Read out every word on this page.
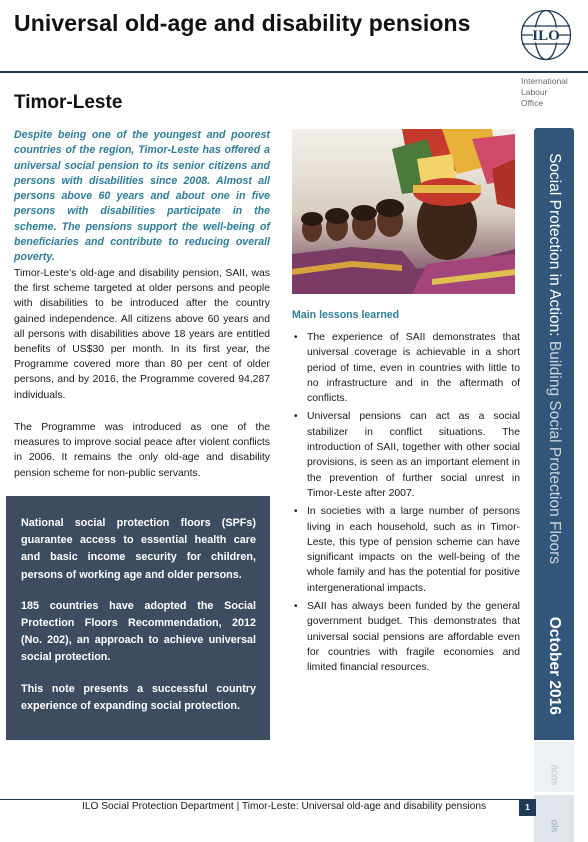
Universal old-age and disability pensions	ILO
International
Labour
Office
Timor-Leste
Despite being one of the youngest and poorest countries of the region, Timor-Leste has offered a universal social pension to its senior citizens and persons with disabilities since 2008. Almost all persons above 60 years and about one in five persons with disabilities participate in the scheme. The pensions support the well-being of beneficiaries and contribute to reducing overall poverty.

Timor-Leste’s old-age and disability pension, SAII, was the first scheme targeted at older persons and people with disabilities to be introduced after the country gained independence. All citizens above 60 years and all persons with disabilities above 18 years are entitled benefits of US$30 per month. In its first year, the Programme covered more than 80 per cent of older persons, and by 2016, the Programme covered 94,287 individuals.

The Programme was introduced as one of the measures to improve social peace after violent conflicts in 2006. It remains the only old-age and disability pension scheme for non-public servants.

National social protection floors (SPFs) guarantee access to essential health care and basic income security for children, persons of working age and older persons.

185 countries have adopted the Social Protection Floors Recommendation, 2012 (No. 202), an approach to achieve universal social protection.

This note presents a successful country experience of expanding social protection.

Main lessons learned
• The experience of SAII demonstrates that universal coverage is achievable in a short period of time, even in countries with little to no infrastructure and in the aftermath of conflicts.
• Universal pensions can act as a social stabilizer in conflict situations. The introduction of SAII, together with other social provisions, is seen as an important element in the prevention of further social unrest in Timor-Leste after 2007.
• In societies with a large number of persons living in each household, such as in Timor-Leste, this type of pension scheme can have significant impacts on the well-being of the whole family and has the potential for positive intergenerational impacts.
• SAII has always been funded by the general government budget. This demonstrates that universal social pensions are affordable even for countries with fragile economies and limited financial resources.
Social Protection in Action: Building Social Protection Floors  October 2016
ácos
ols
ILO Social Protection Department | Timor-Leste: Universal old-age and disability pensions	1
